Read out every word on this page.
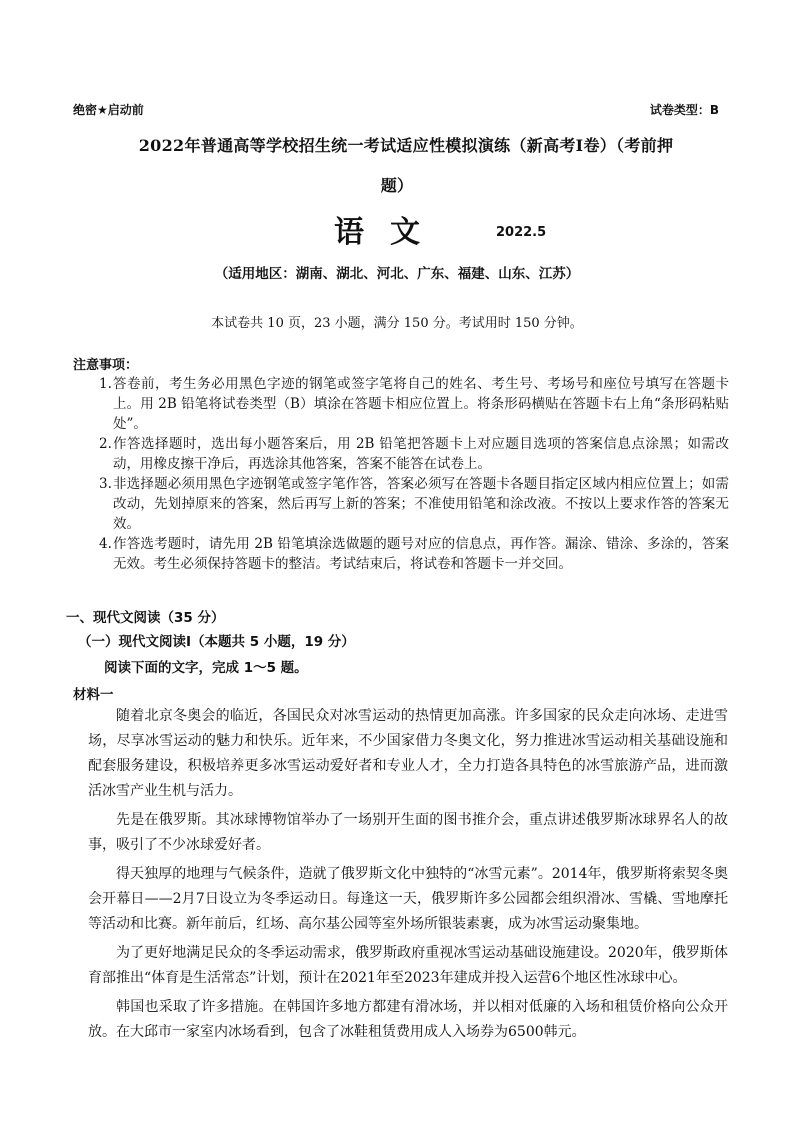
绝密★启动前	试卷类型：B
2022年普通高等学校招生统一考试适应性模拟演练（新高考Ⅰ卷）（考前押
题）
语文	2022.5
（适用地区：湖南、湖北、河北、广东、福建、山东、江苏）
本试卷共 10 页，23 小题，满分 150 分。考试用时 150 分钟。
注意事项：
1. 答卷前，考生务必用黑色字迹的钢笔或签字笔将自己的姓名、考生号、考场号和座位号填写在答题卡上。用 2B 铅笔将试卷类型（B）填涂在答题卡相应位置上。将条形码横贴在答题卡右上角“条形码粘贴处”。
2. 作答选择题时，选出每小题答案后，用 2B 铅笔把答题卡上对应题目选项的答案信息点涂黑；如需改动，用橡皮擦干净后，再选涂其他答案，答案不能答在试卷上。
3. 非选择题必须用黑色字迹钢笔或签字笔作答，答案必须写在答题卡各题目指定区域内相应位置上；如需改动，先划掉原来的答案，然后再写上新的答案；不准使用铅笔和涂改液。不按以上要求作答的答案无效。
4. 作答选考题时，请先用 2B 铅笔填涂选做题的题号对应的信息点，再作答。漏涂、错涂、多涂的，答案无效。考生必须保持答题卡的整洁。考试结束后，将试卷和答题卡一并交回。
一、现代文阅读（35 分）
（一）现代文阅读Ⅰ（本题共 5 小题，19 分）
阅读下面的文字，完成 1～5 题。
材料一

随着北京冬奥会的临近，各国民众对冰雪运动的热情更加高涨。许多国家的民众走向冰场、走进雪场，尽享冰雪运动的魅力和快乐。近年来，不少国家借力冬奥文化，努力推进冰雪运动相关基础设施和配套服务建设，积极培养更多冰雪运动爱好者和专业人才，全力打造各具特色的冰雪旅游产品，进而激活冰雪产业生机与活力。

先是在俄罗斯。其冰球博物馆举办了一场别开生面的图书推介会，重点讲述俄罗斯冰球界名人的故事，吸引了不少冰球爱好者。

得天独厚的地理与气候条件，造就了俄罗斯文化中独特的“冰雪元素”。2014年，俄罗斯将索契冬奥会开幕日——2月7日设立为冬季运动日。每逢这一天，俄罗斯许多公园都会组织滑冰、雪橇、雪地摩托等活动和比赛。新年前后，红场、高尔基公园等室外场所银装素裹，成为冰雪运动聚集地。

为了更好地满足民众的冬季运动需求，俄罗斯政府重视冰雪运动基础设施建设。2020年，俄罗斯体育部推出“体育是生活常态”计划，预计在2021年至2023年建成并投入运营6个地区性冰球中心。

韩国也采取了许多措施。在韩国许多地方都建有滑冰场，并以相对低廉的入场和租赁价格向公众开放。在大邱市一家室内冰场看到，包含了冰鞋租赁费用成人入场券为6500韩元。
